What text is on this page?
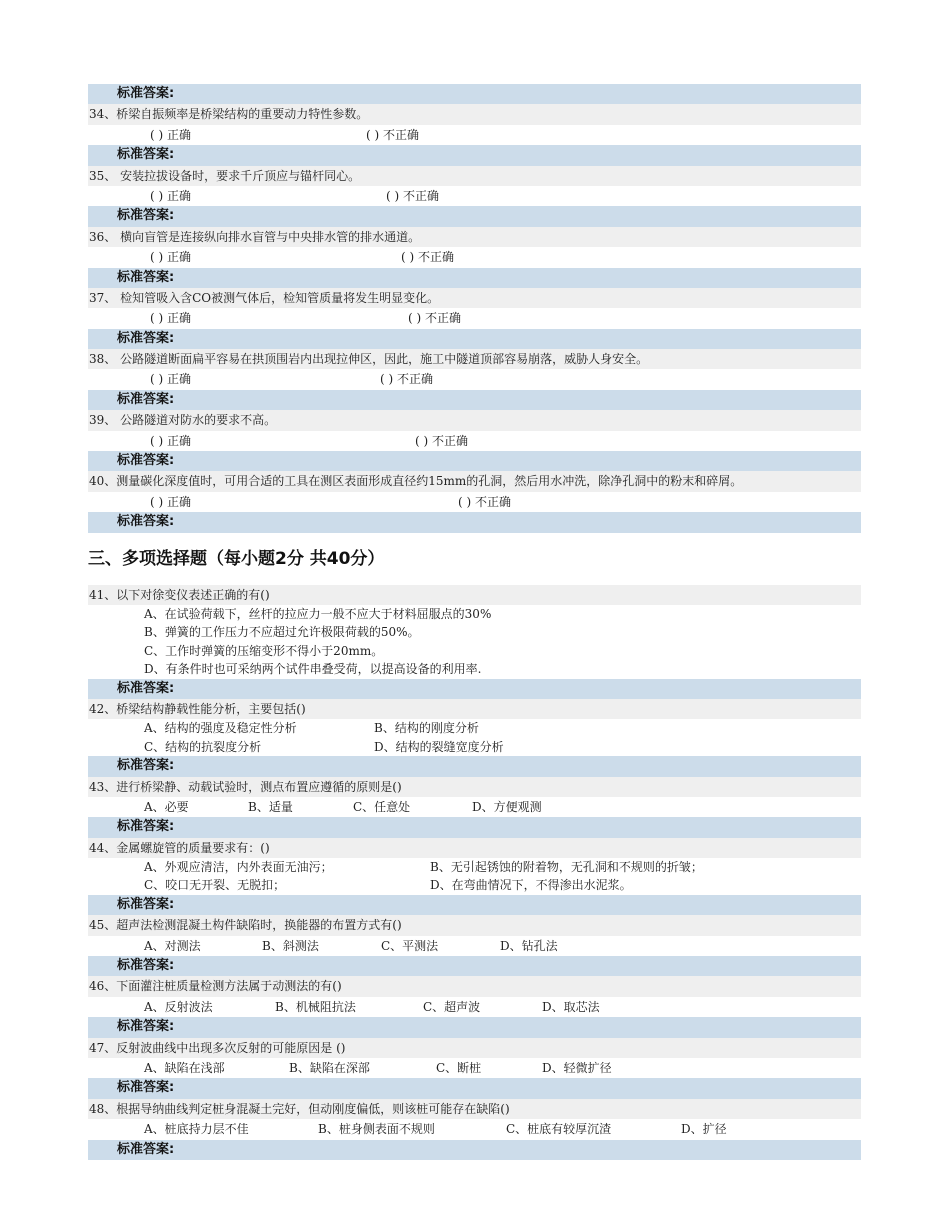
标准答案:
34、桥梁自振频率是桥梁结构的重要动力特性参数。
( ) 正确	( ) 不正确
标准答案:
35、 安装拉拔设备时，要求千斤顶应与锚杆同心。
( ) 正确	( ) 不正确
标准答案:
36、 横向盲管是连接纵向排水盲管与中央排水管的排水通道。
( ) 正确	( ) 不正确
标准答案:
37、 检知管吸入含CO被测气体后，检知管质量将发生明显变化。
( ) 正确	( ) 不正确
标准答案:
38、 公路隧道断面扁平容易在拱顶围岩内出现拉伸区，因此，施工中隧道顶部容易崩落，威胁人身安全。
( ) 正确	( ) 不正确
标准答案:
39、 公路隧道对防水的要求不高。
( ) 正确	( ) 不正确
标准答案:
40、测量碳化深度值时，可用合适的工具在测区表面形成直径约15mm的孔洞，然后用水冲洗，除净孔洞中的粉末和碎屑。
( ) 正确	( ) 不正确
标准答案:
三、多项选择题（每小题2分 共40分）
41、以下对徐变仪表述正确的有()
A、在试验荷载下，丝杆的拉应力一般不应大于材料屈服点的30%
B、弹簧的工作压力不应超过允许极限荷载的50%。
C、工作时弹簧的压缩变形不得小于20mm。
D、有条件时也可采纳两个试件串叠受荷，以提高设备的利用率.
标准答案:
42、桥梁结构静载性能分析，主要包括()
A、结构的强度及稳定性分析	B、结构的刚度分析
C、结构的抗裂度分析	D、结构的裂缝宽度分析
标准答案:
43、进行桥梁静、动载试验时，测点布置应遵循的原则是()
A、必要	B、适量	C、任意处	D、方便观测
标准答案:
44、金属螺旋管的质量要求有：()
A、外观应清洁，内外表面无油污；	B、无引起锈蚀的附着物，无孔洞和不规则的折皱；
C、咬口无开裂、无脱扣；	D、在弯曲情况下，不得渗出水泥浆。
标准答案:
45、超声法检测混凝土构件缺陷时，换能器的布置方式有()
A、对测法	B、斜测法	C、平测法	D、钻孔法
标准答案:
46、下面灌注桩质量检测方法属于动测法的有()
A、反射波法	B、机械阻抗法	C、超声波	D、取芯法
标准答案:
47、反射波曲线中出现多次反射的可能原因是 ()
A、缺陷在浅部	B、缺陷在深部	C、断桩	D、轻微扩径
标准答案:
48、根据导纳曲线判定桩身混凝土完好，但动刚度偏低，则该桩可能存在缺陷()
A、桩底持力层不佳	B、桩身侧表面不规则	C、桩底有较厚沉渣	D、扩径
标准答案:
